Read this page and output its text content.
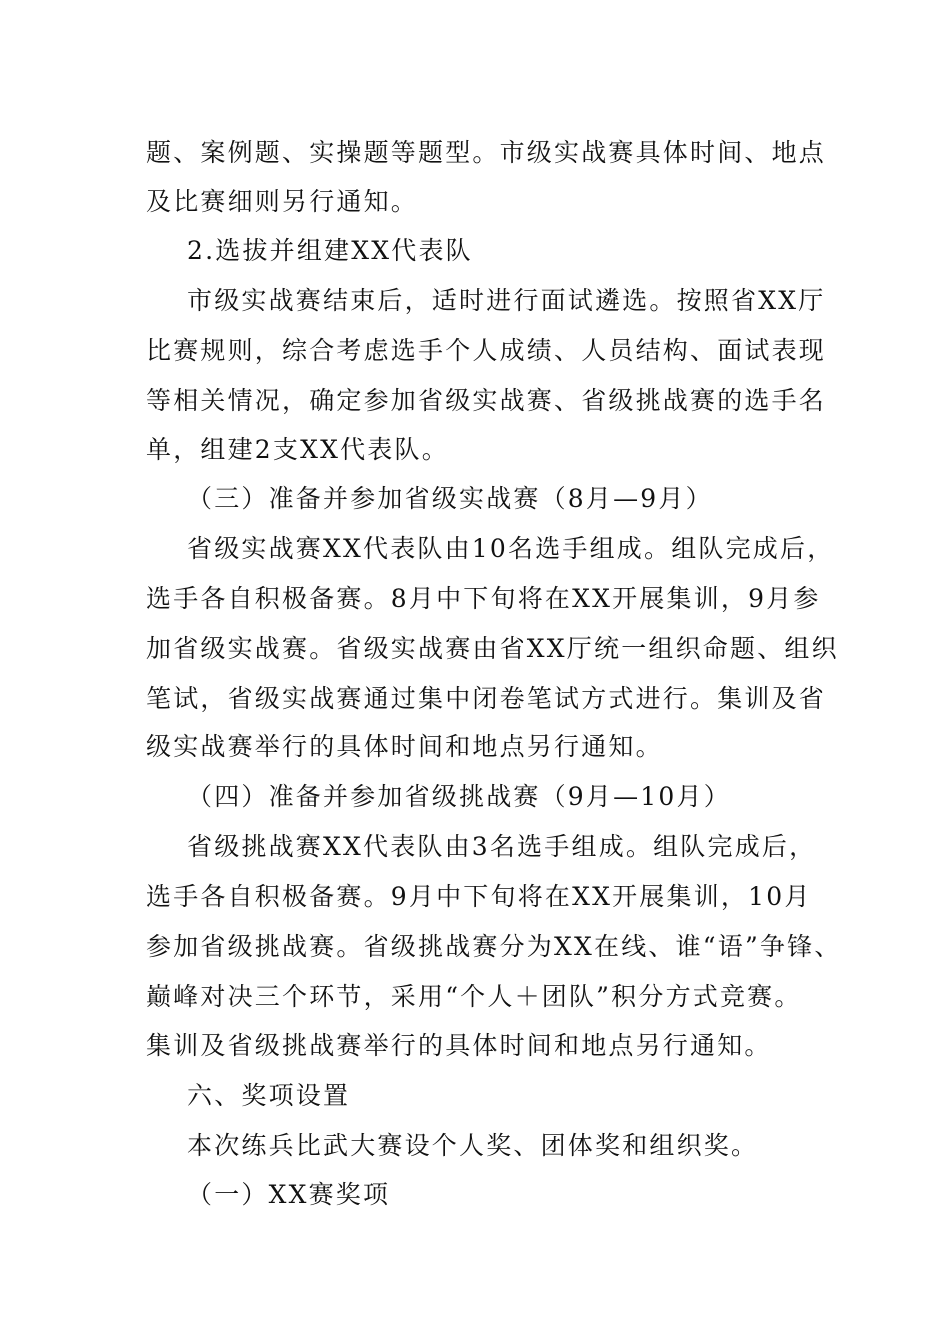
题、案例题、实操题等题型。市级实战赛具体时间、地点
及比赛细则另行通知。
2.选拔并组建XX代表队
市级实战赛结束后，适时进行面试遴选。按照省XX厅
比赛规则，综合考虑选手个人成绩、人员结构、面试表现
等相关情况，确定参加省级实战赛、省级挑战赛的选手名
单，组建2支XX代表队。
（三）准备并参加省级实战赛（8月—9月）
省级实战赛XX代表队由10名选手组成。组队完成后，
选手各自积极备赛。8月中下旬将在XX开展集训，9月参
加省级实战赛。省级实战赛由省XX厅统一组织命题、组织
笔试，省级实战赛通过集中闭卷笔试方式进行。集训及省
级实战赛举行的具体时间和地点另行通知。
（四）准备并参加省级挑战赛（9月—10月）
省级挑战赛XX代表队由3名选手组成。组队完成后，
选手各自积极备赛。9月中下旬将在XX开展集训，10月
参加省级挑战赛。省级挑战赛分为XX在线、谁“语”争锋、
巅峰对决三个环节，采用“个人＋团队”积分方式竞赛。
集训及省级挑战赛举行的具体时间和地点另行通知。
六、奖项设置
本次练兵比武大赛设个人奖、团体奖和组织奖。
（一）XX赛奖项
